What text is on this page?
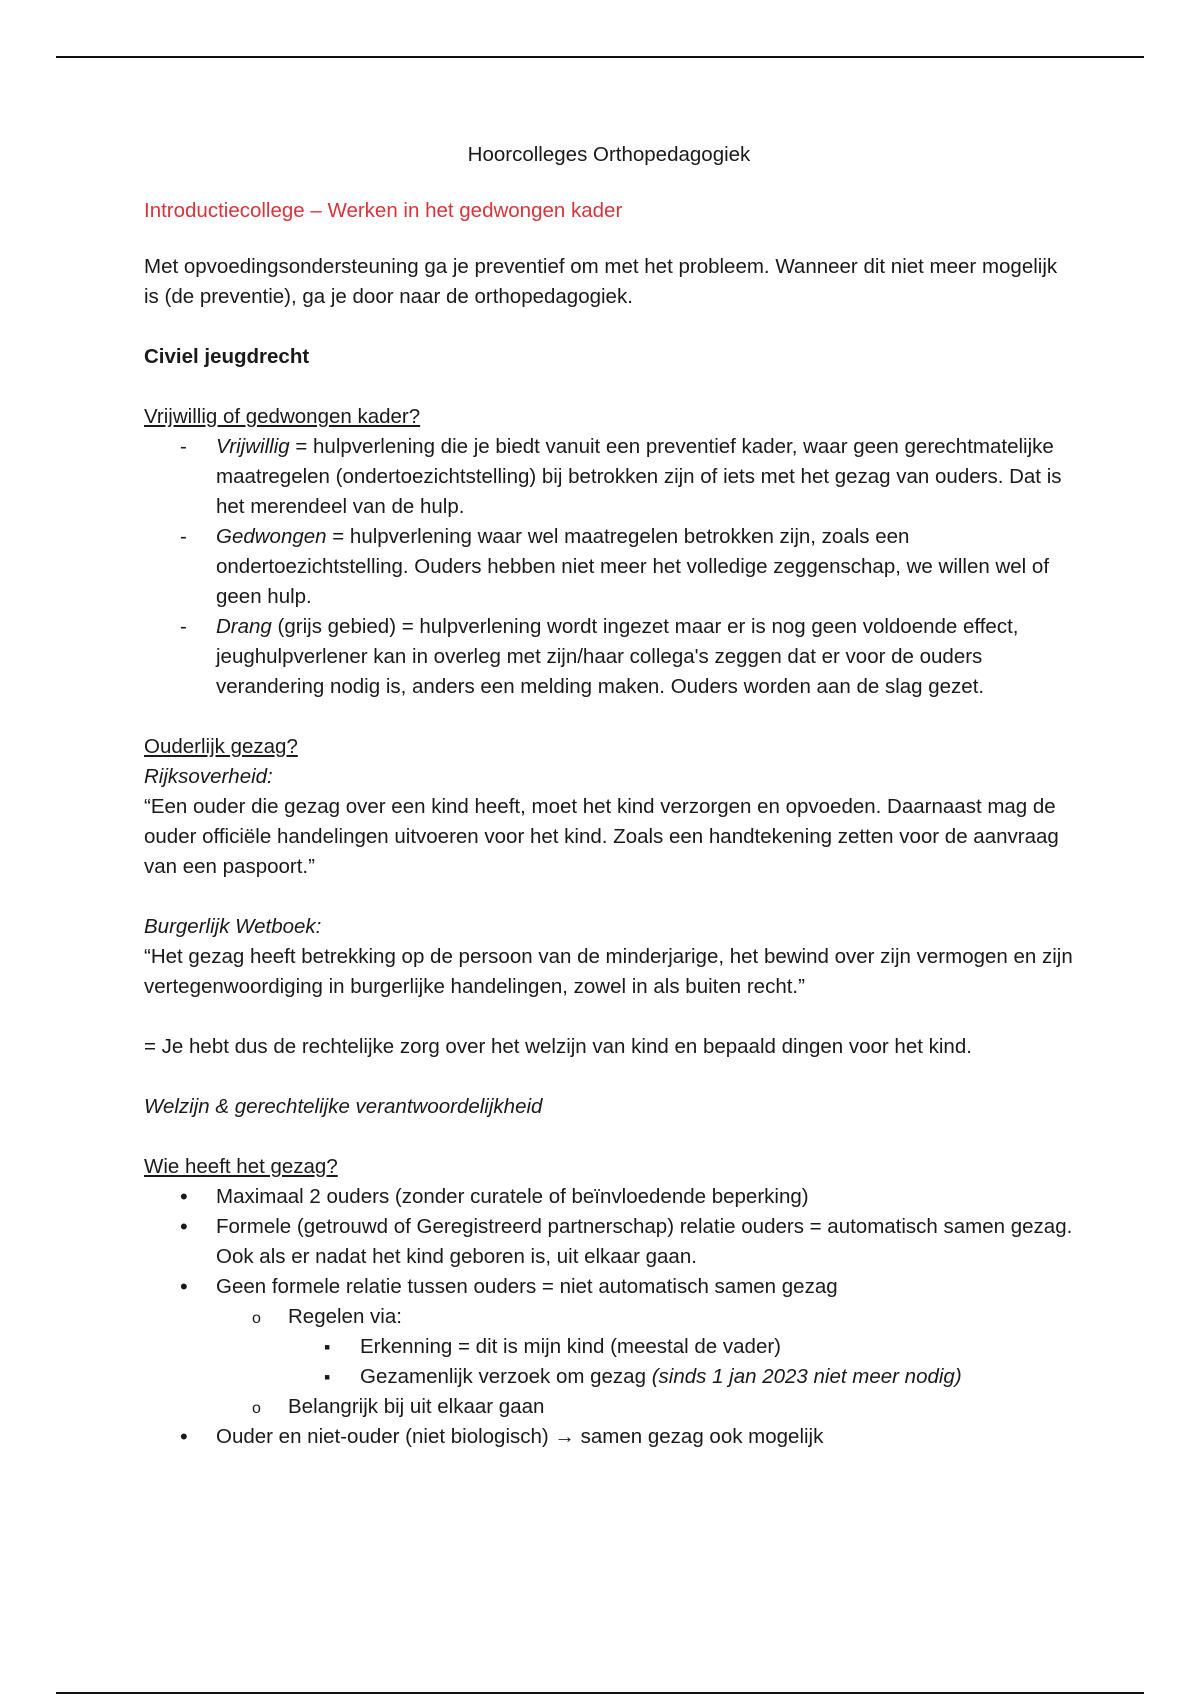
Hoorcolleges Orthopedagogiek
Introductiecollege – Werken in het gedwongen kader

Met opvoedingsondersteuning ga je preventief om met het probleem. Wanneer dit niet meer mogelijk is (de preventie), ga je door naar de orthopedagogiek.

Civiel jeugdrecht
Vrijwillig of gedwongen kader?
-
Vrijwillig = hulpverlening die je biedt vanuit een preventief kader, waar geen gerechtmatelijke maatregelen (ondertoezichtstelling) bij betrokken zijn of iets met het gezag van ouders. Dat is het merendeel van de hulp.
-
Gedwongen = hulpverlening waar wel maatregelen betrokken zijn, zoals een ondertoezichtstelling. Ouders hebben niet meer het volledige zeggenschap, we willen wel of geen hulp.
-
Drang (grijs gebied) = hulpverlening wordt ingezet maar er is nog geen voldoende effect, jeughulpverlener kan in overleg met zijn/haar collega's zeggen dat er voor de ouders verandering nodig is, anders een melding maken. Ouders worden aan de slag gezet.
Ouderlijk gezag?
Rijksoverheid:

“Een ouder die gezag over een kind heeft, moet het kind verzorgen en opvoeden. Daarnaast mag de ouder officiële handelingen uitvoeren voor het kind. Zoals een handtekening zetten voor de aanvraag van een paspoort.”

Burgerlijk Wetboek:

“Het gezag heeft betrekking op de persoon van de minderjarige, het bewind over zijn vermogen en zijn vertegenwoordiging in burgerlijke handelingen, zowel in als buiten recht.”

= Je hebt dus de rechtelijke zorg over het welzijn van kind en bepaald dingen voor het kind.

Welzijn & gerechtelijke verantwoordelijkheid

Wie heeft het gezag?
•
Maximaal 2 ouders (zonder curatele of beïnvloedende beperking)
•
Formele (getrouwd of Geregistreerd partnerschap) relatie ouders = automatisch samen gezag. Ook als er nadat het kind geboren is, uit elkaar gaan.
•
Geen formele relatie tussen ouders = niet automatisch samen gezag
o
Regelen via:
▪
Erkenning = dit is mijn kind (meestal de vader)
▪
Gezamenlijk verzoek om gezag (sinds 1 jan 2023 niet meer nodig)
o
Belangrijk bij uit elkaar gaan
•
Ouder en niet-ouder (niet biologisch) → samen gezag ook mogelijk
